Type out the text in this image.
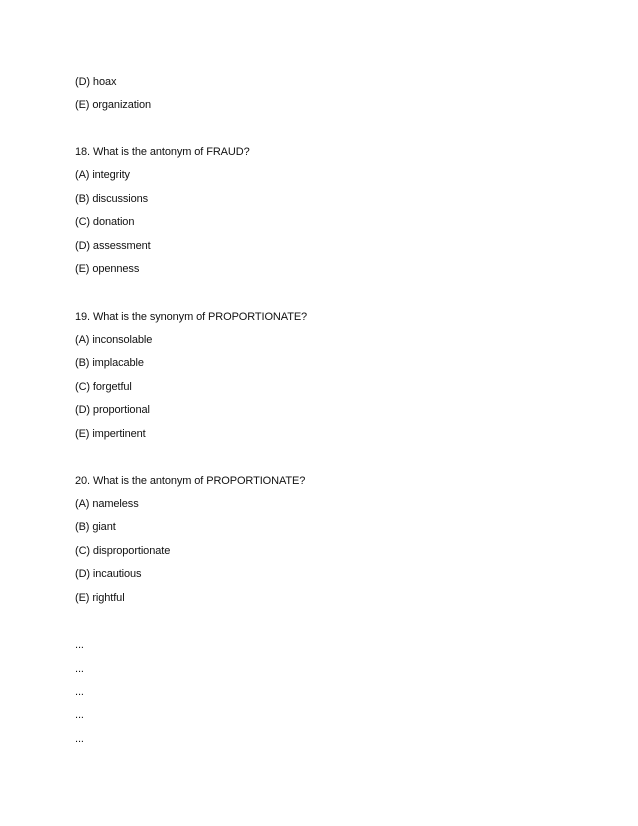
(D) hoax
(E) organization
18. What is the antonym of FRAUD?
(A) integrity
(B) discussions
(C) donation
(D) assessment
(E) openness
19. What is the synonym of PROPORTIONATE?
(A) inconsolable
(B) implacable
(C) forgetful
(D) proportional
(E) impertinent
20. What is the antonym of PROPORTIONATE?
(A) nameless
(B) giant
(C) disproportionate
(D) incautious
(E) rightful
...
...
...
...
...
